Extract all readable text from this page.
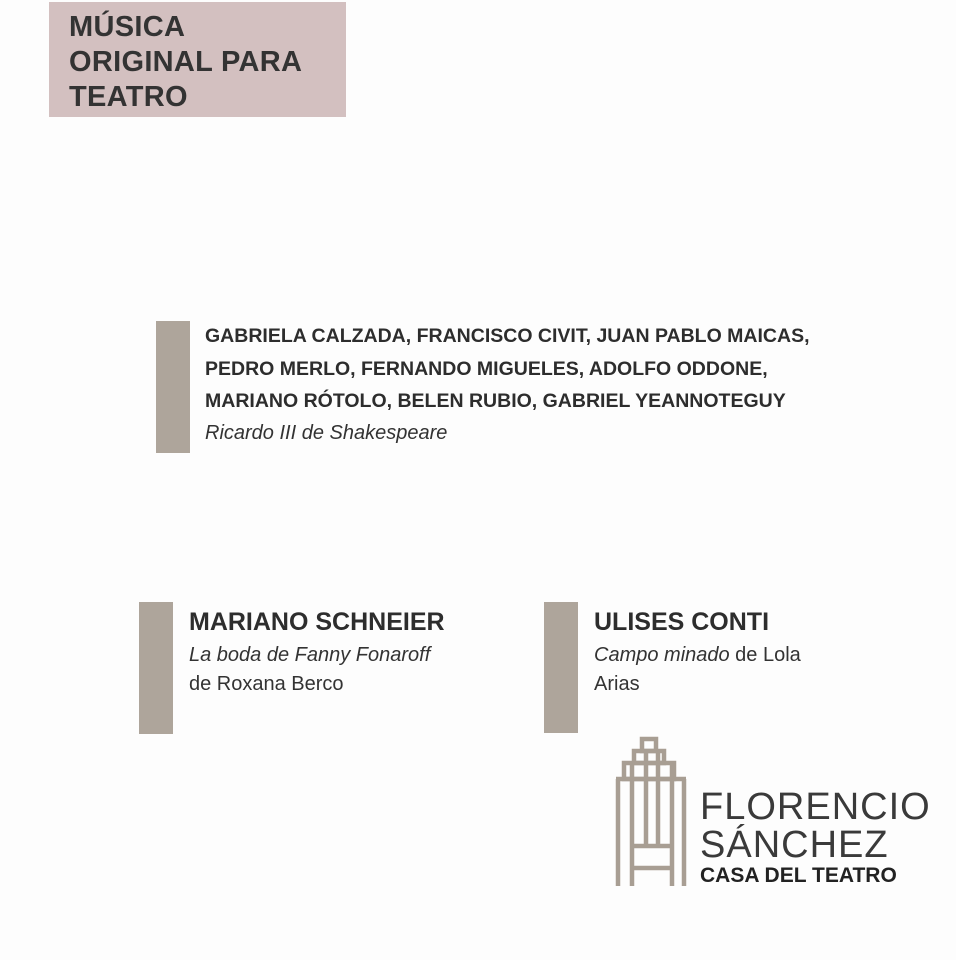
MÚSICA
ORIGINAL PARA
TEATRO
GABRIELA CALZADA, FRANCISCO CIVIT, JUAN PABLO MAICAS,
PEDRO MERLO, FERNANDO MIGUELES, ADOLFO ODDONE,
MARIANO RÓTOLO, BELEN RUBIO, GABRIEL YEANNOTEGUY
Ricardo III de Shakespeare
MARIANO SCHNEIER
La boda de Fanny Fonaroff
de Roxana Berco
ULISES CONTI
Campo minado de Lola
Arias
FLORENCIO
SÁNCHEZ
CASA DEL TEATRO
